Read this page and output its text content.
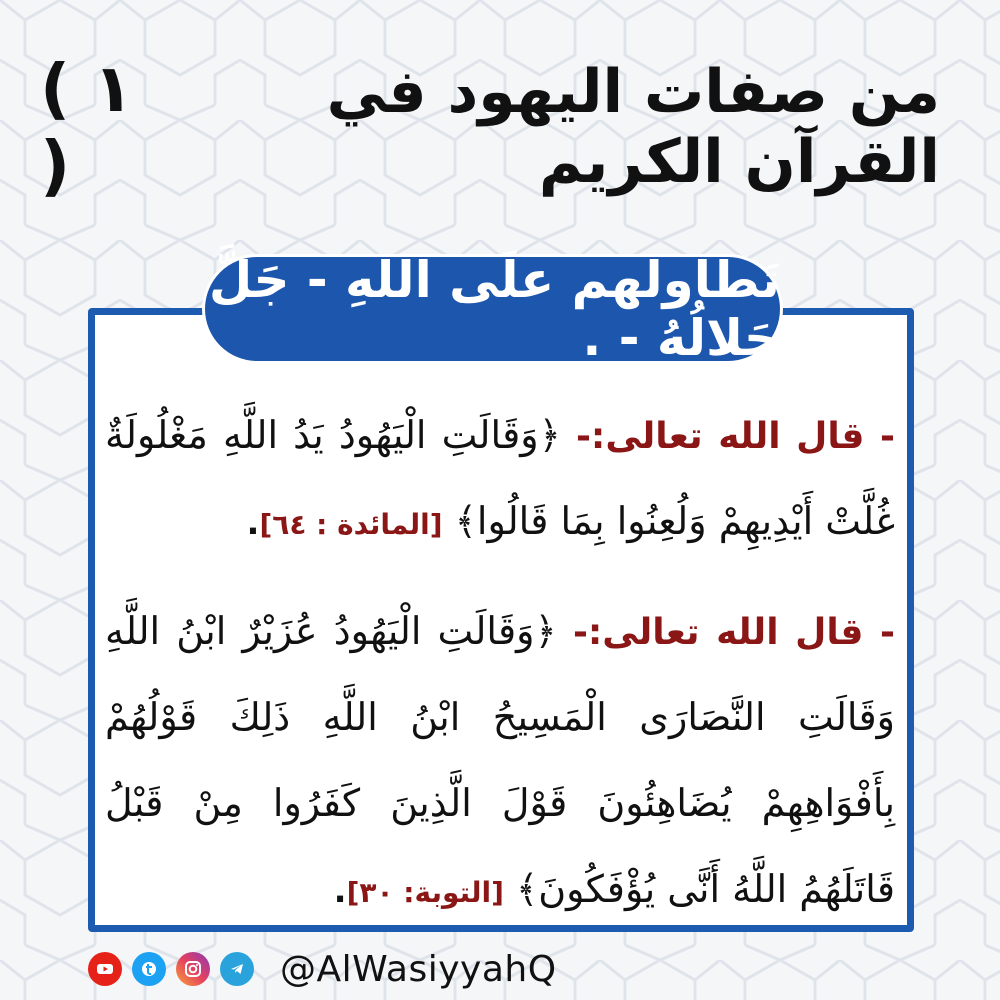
من صفات اليهود في القرآن الكريم
( ١ )
تَطاولهم علَى اللهِ - جَلَّ جَلالُهُ - .
- قال الله تعالى:- ﴿وَقَالَتِ الْيَهُودُ يَدُ اللَّهِ مَغْلُولَةٌ
غُلَّتْ أَيْدِيهِمْ وَلُعِنُوا بِمَا قَالُوا﴾ [المائدة : ٦٤].
- قال الله تعالى:- ﴿وَقَالَتِ الْيَهُودُ عُزَيْرٌ ابْنُ اللَّهِ
وَقَالَتِ النَّصَارَى الْمَسِيحُ ابْنُ اللَّهِ ذَلِكَ قَوْلُهُمْ
بِأَفْوَاهِهِمْ يُضَاهِئُونَ قَوْلَ الَّذِينَ كَفَرُوا مِنْ قَبْلُ
قَاتَلَهُمُ اللَّهُ أَنَّى يُؤْفَكُونَ﴾ [التوبة: ٣٠].
@AlWasiyyahQ
